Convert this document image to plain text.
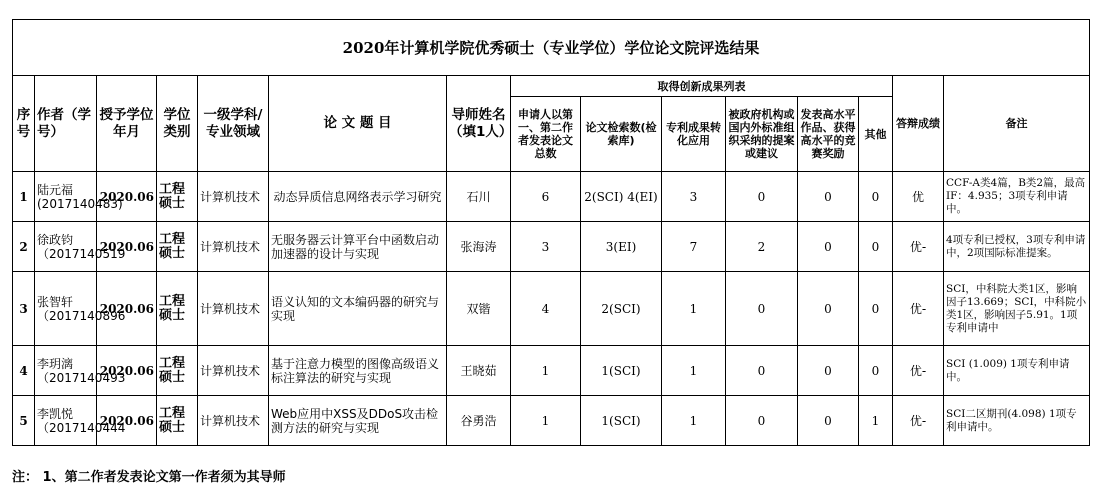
2020年计算机学院优秀硕士（专业学位）学位论文院评选结果														
序号	作者（学号）	授予学位年月	学位类别	一级学科/专业领域	论 文 题 目	导师姓名（填1人）	取得创新成果列表						答辩成绩	备注
							申请人以第一、第二作者发表论文总数	论文检索数(检索库)	专利成果转化应用	被政府机构或国内外标准组织采纳的提案或建议	发表高水平作品、获得高水平的竞赛奖励	其他		
1	陆元福(2017140483)	2020.06	工程硕士	计算机技术	动态异质信息网络表示学习研究	石川	6	2(SCI) 4(EI)	3	0	0	0	优	CCF-A类4篇，B类2篇，最高IF：4.935；3项专利申请中。
2	徐政钧（2017140519	2020.06	工程硕士	计算机技术	无服务器云计算平台中函数启动加速器的设计与实现	张海涛	3	3(EI)	7	2	0	0	优-	4项专利已授权，3项专利申请中，2项国际标准提案。
3	张智轩（2017140896	2020.06	工程硕士	计算机技术	语义认知的文本编码器的研究与实现	双锴	4	2(SCI)	1	0	0	0	优-	SCI，中科院大类1区，影响因子13.669；SCI，中科院小类1区，影响因子5.91。1项专利申请中
4	李玥漓（2017140493	2020.06	工程硕士	计算机技术	基于注意力模型的图像高级语义标注算法的研究与实现	王晓茹	1	1(SCI)	1	0	0	0	优-	SCI (1.009) 1项专利申请中。
5	李凯悦（2017140444	2020.06	工程硕士	计算机技术	Web应用中XSS及DDoS攻击检测方法的研究与实现	谷勇浩	1	1(SCI)	1	0	0	1	优-	SCI二区期刊(4.098) 1项专利申请中。
注： 1、第二作者发表论文第一作者须为其导师
